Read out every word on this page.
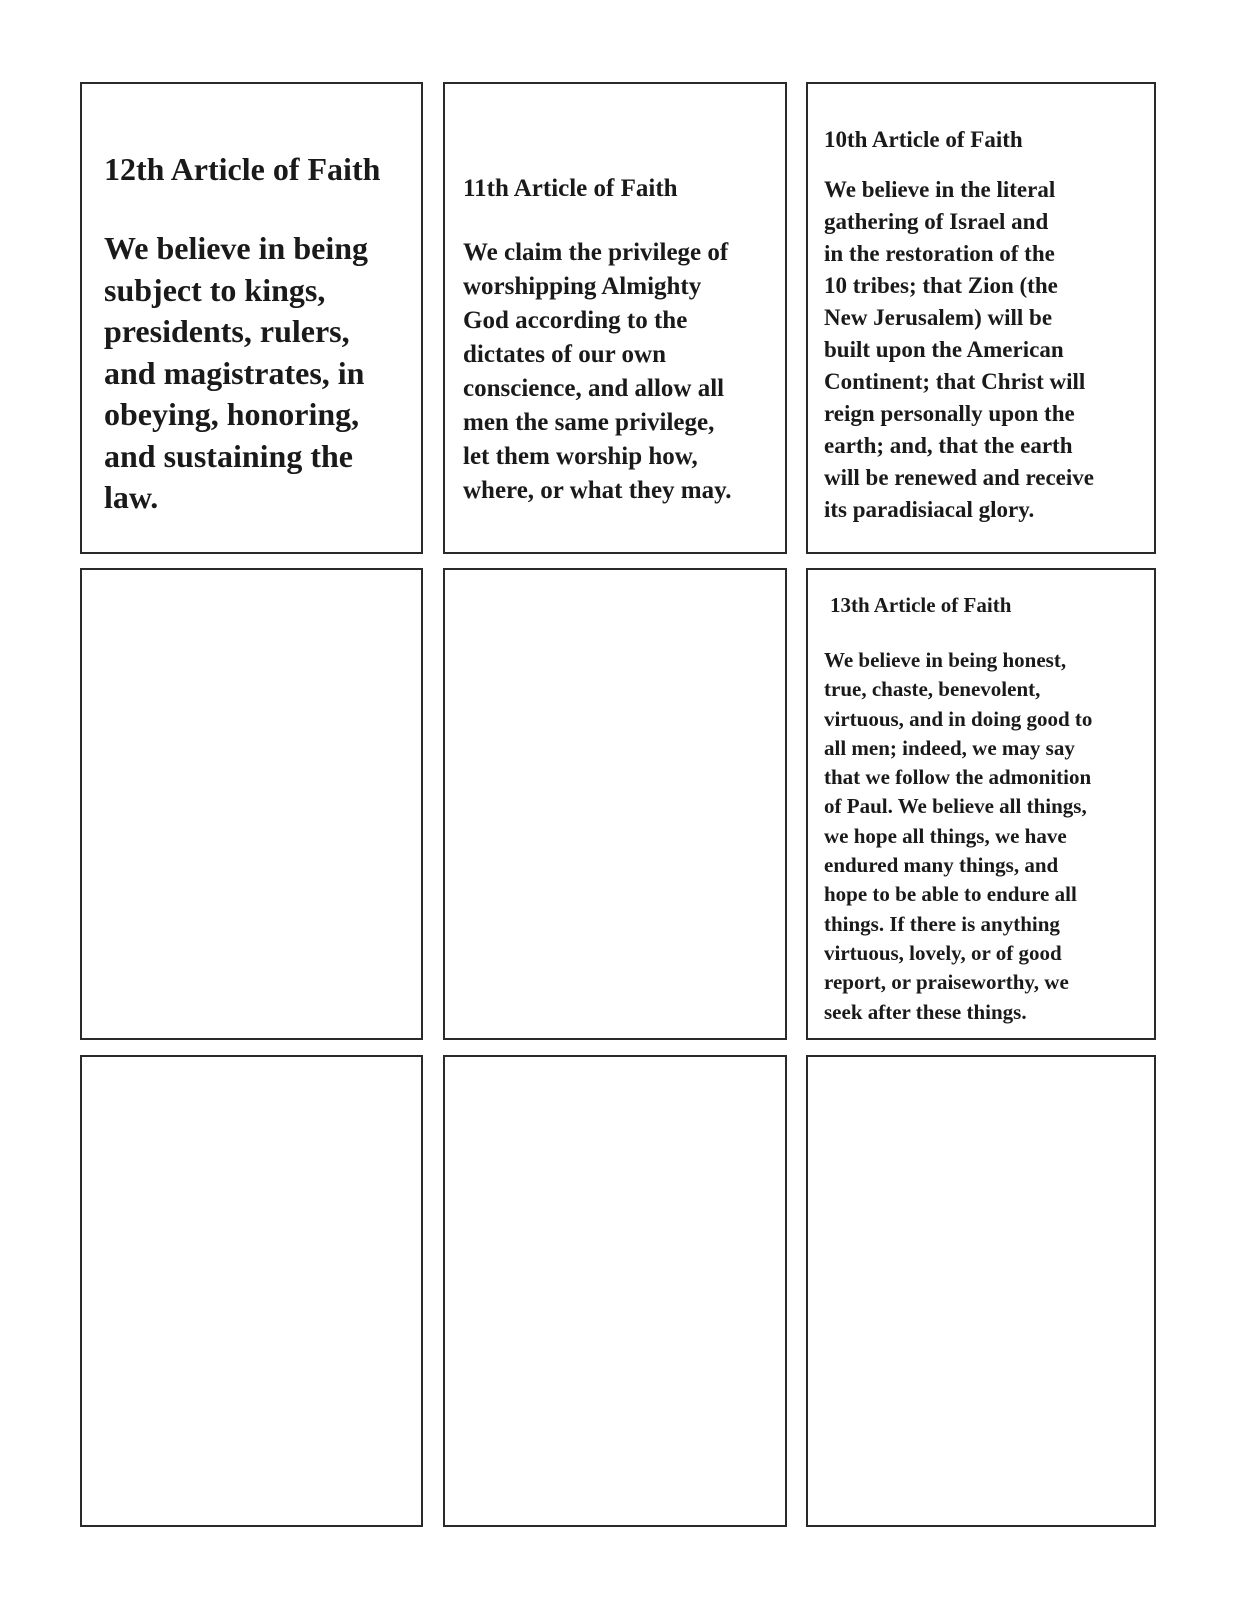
12th Article of Faith

We believe in being
subject to kings,
presidents, rulers,
and magistrates, in
obeying, honoring,
and sustaining the
law.

11th Article of Faith

We claim the privilege of
worshipping Almighty
God according to the
dictates of our own
conscience, and allow all
men the same privilege,
let them worship how,
where, or what they may.

10th Article of Faith

We believe in the literal
gathering of Israel and
in the restoration of the
10 tribes; that Zion (the
New Jerusalem) will be
built upon the American
Continent; that Christ will
reign personally upon the
earth; and, that the earth
will be renewed and receive
its paradisiacal glory.

13th Article of Faith

We believe in being honest,
true, chaste, benevolent,
virtuous, and in doing good to
all men; indeed, we may say
that we follow the admonition
of Paul. We believe all things,
we hope all things, we have
endured many things, and
hope to be able to endure all
things. If there is anything
virtuous, lovely, or of good
report, or praiseworthy, we
seek after these things.
